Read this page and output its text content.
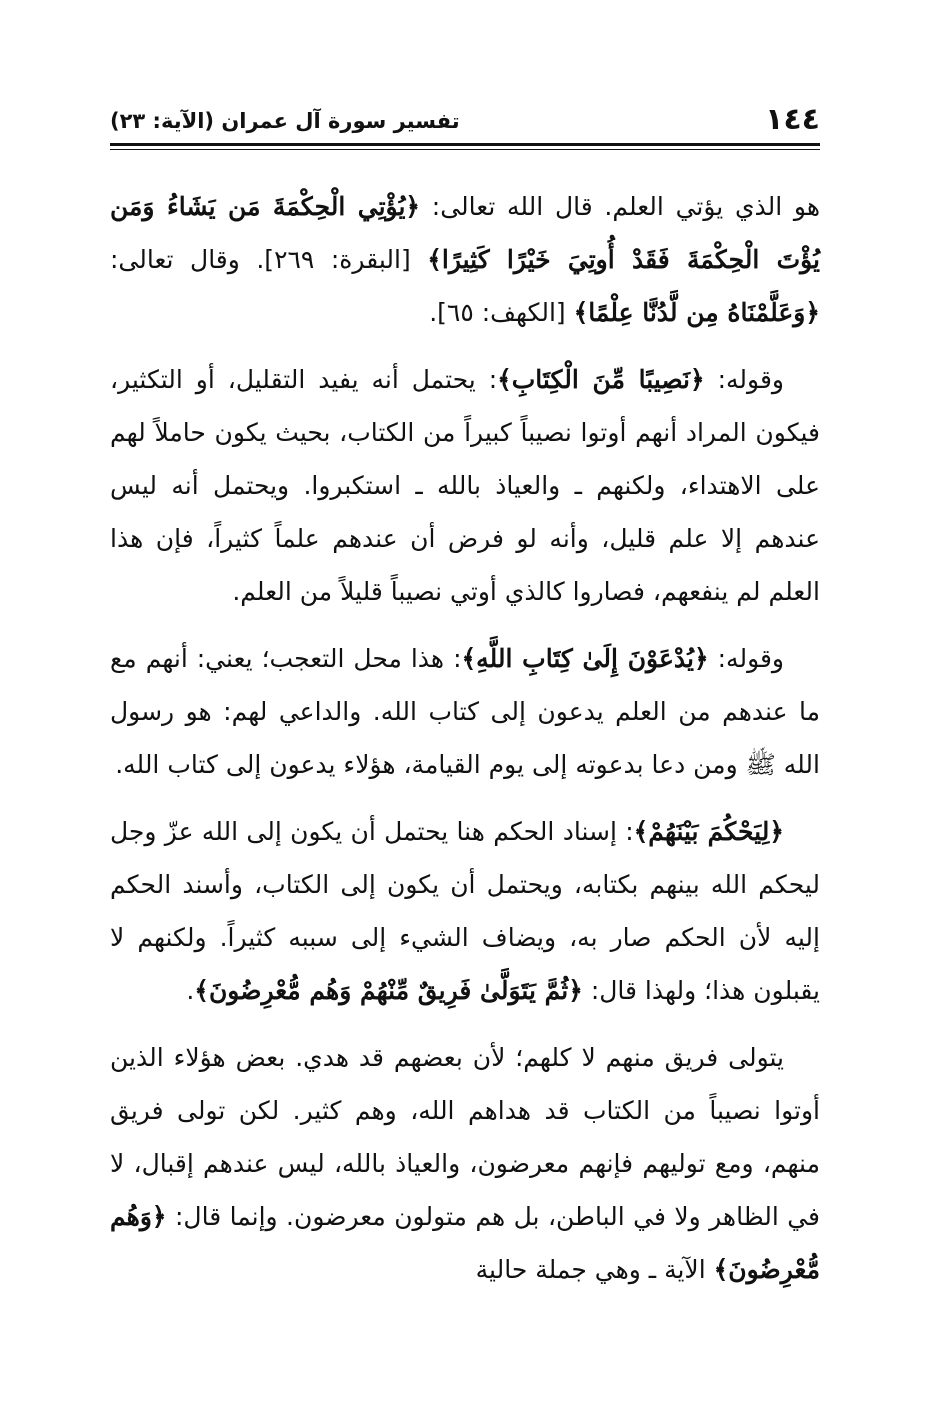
١٤٤
تفسير سورة آل عمران (الآية: ٢٣)

هو الذي يؤتي العلم. قال الله تعالى: ﴿يُؤْتِي الْحِكْمَةَ مَن يَشَاءُ وَمَن يُؤْتَ الْحِكْمَةَ فَقَدْ أُوتِيَ خَيْرًا كَثِيرًا﴾ [البقرة: ٢٦٩]. وقال تعالى: ﴿وَعَلَّمْنَاهُ مِن لَّدُنَّا عِلْمًا﴾ [الكهف: ٦٥].

وقوله: ﴿نَصِيبًا مِّنَ الْكِتَابِ﴾: يحتمل أنه يفيد التقليل، أو التكثير، فيكون المراد أنهم أوتوا نصيباً كبيراً من الكتاب، بحيث يكون حاملاً لهم على الاهتداء، ولكنهم ـ والعياذ بالله ـ استكبروا. ويحتمل أنه ليس عندهم إلا علم قليل، وأنه لو فرض أن عندهم علماً كثيراً، فإن هذا العلم لم ينفعهم، فصاروا كالذي أوتي نصيباً قليلاً من العلم.

وقوله: ﴿يُدْعَوْنَ إِلَىٰ كِتَابِ اللَّهِ﴾: هذا محل التعجب؛ يعني: أنهم مع ما عندهم من العلم يدعون إلى كتاب الله. والداعي لهم: هو رسول الله ﷺ ومن دعا بدعوته إلى يوم القيامة، هؤلاء يدعون إلى كتاب الله.

﴿لِيَحْكُمَ بَيْنَهُمْ﴾: إسناد الحكم هنا يحتمل أن يكون إلى الله عزّ وجل ليحكم الله بينهم بكتابه، ويحتمل أن يكون إلى الكتاب، وأسند الحكم إليه لأن الحكم صار به، ويضاف الشيء إلى سببه كثيراً. ولكنهم لا يقبلون هذا؛ ولهذا قال: ﴿ثُمَّ يَتَوَلَّىٰ فَرِيقٌ مِّنْهُمْ وَهُم مُّعْرِضُونَ﴾.

يتولى فريق منهم لا كلهم؛ لأن بعضهم قد هدي. بعض هؤلاء الذين أوتوا نصيباً من الكتاب قد هداهم الله، وهم كثير. لكن تولى فريق منهم، ومع توليهم فإنهم معرضون، والعياذ بالله، ليس عندهم إقبال، لا في الظاهر ولا في الباطن، بل هم متولون معرضون. وإنما قال: ﴿وَهُم مُّعْرِضُونَ﴾ الآية ـ وهي جملة حالية
